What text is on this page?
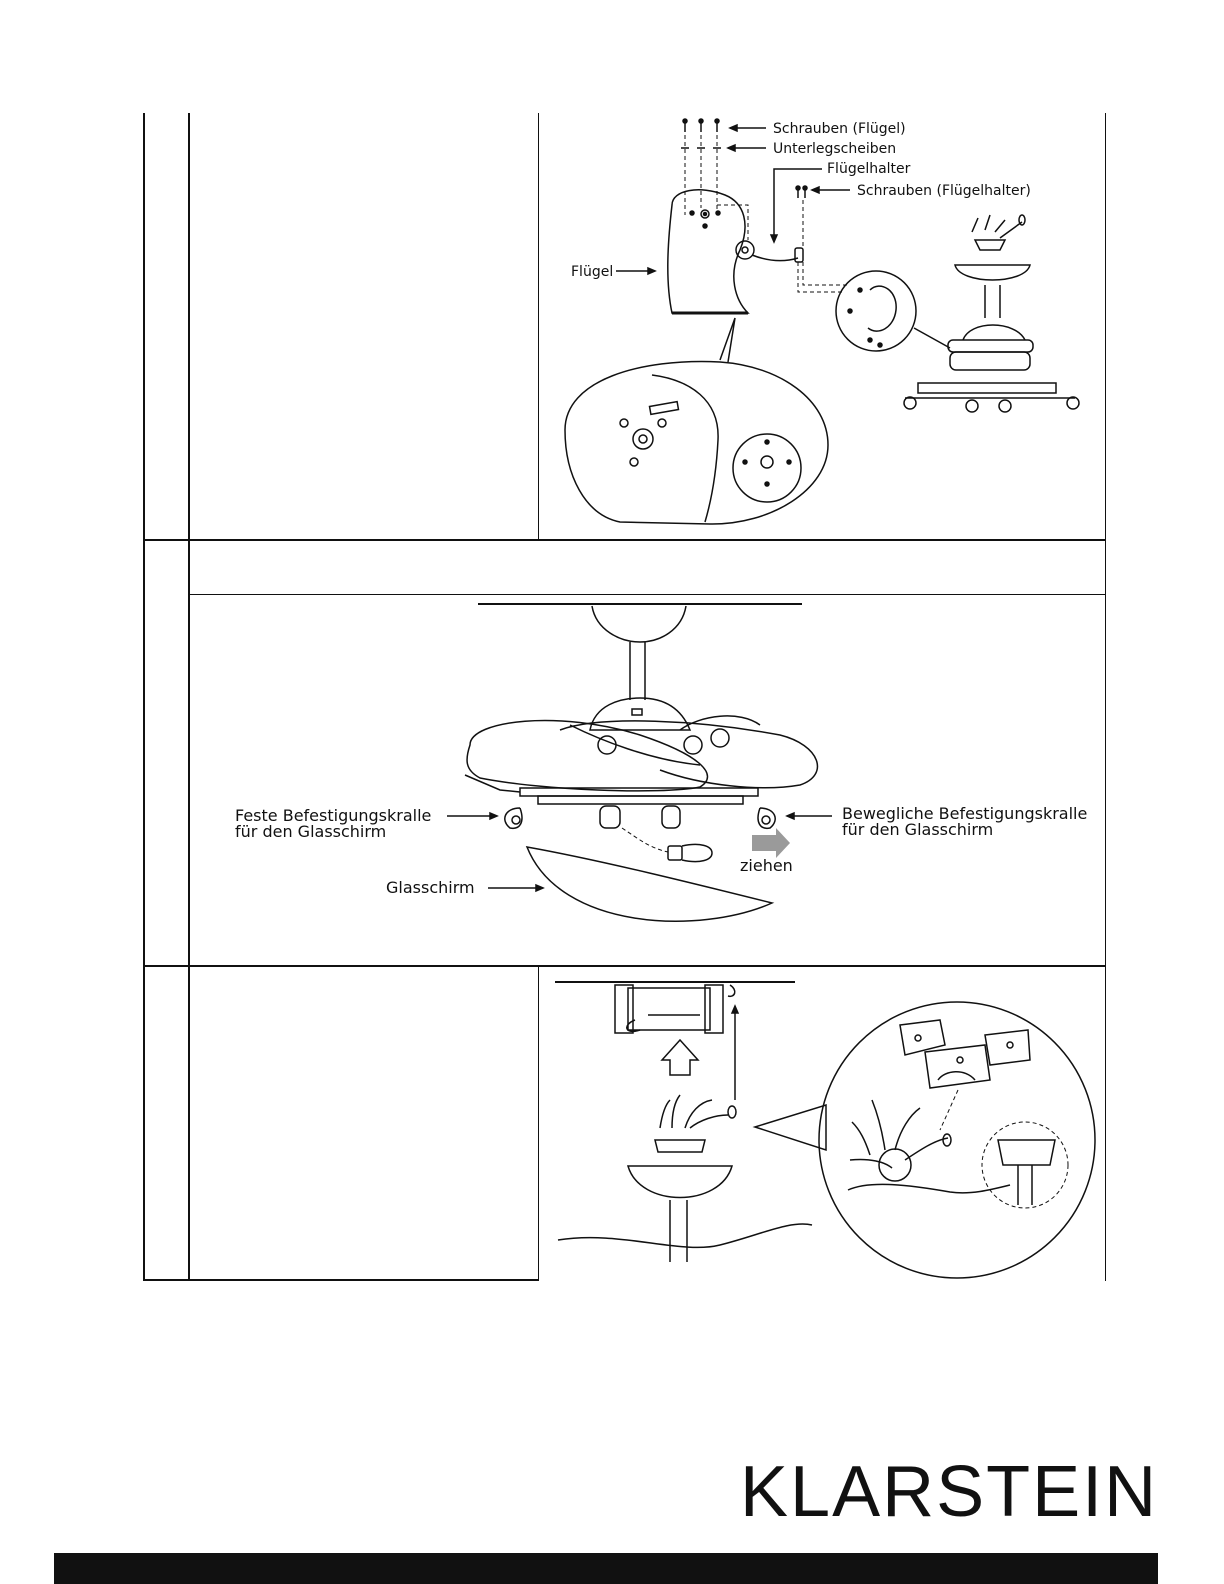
Schrauben (Flügel)
Unterlegscheiben
Flügelhalter
Schrauben (Flügelhalter)
Flügel
Feste Befestigungskralle
für den Glasschirm
Bewegliche Befestigungskralle
für den Glasschirm
ziehen
Glasschirm
KLARSTEIN
